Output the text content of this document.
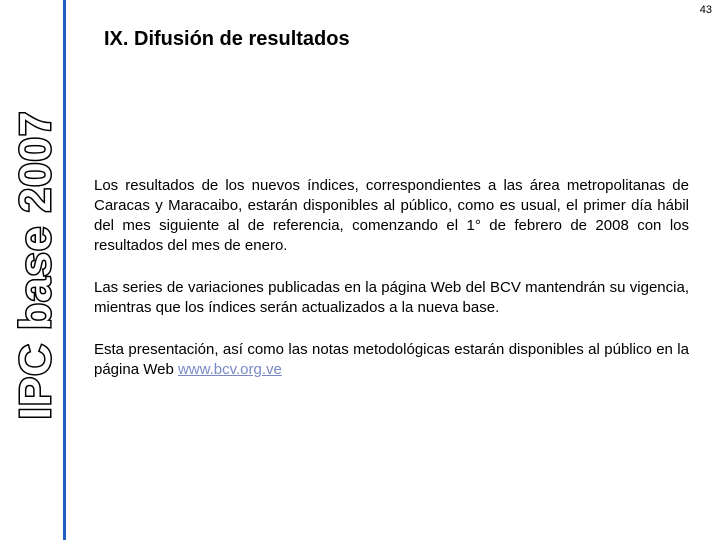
IPC base 2007
43
IX. Difusión de resultados

Los resultados de los nuevos índices, correspondientes a las área metropolitanas de Caracas y Maracaibo, estarán disponibles al público, como es usual, el primer día hábil del mes siguiente al de referencia, comenzando el 1° de febrero de 2008 con los resultados del mes de enero.

Las series de variaciones publicadas en la página Web del BCV mantendrán su vigencia, mientras que los índices serán actualizados a la nueva base.

Esta presentación, así como las notas metodológicas estarán disponibles al público en la página Web www.bcv.org.ve
